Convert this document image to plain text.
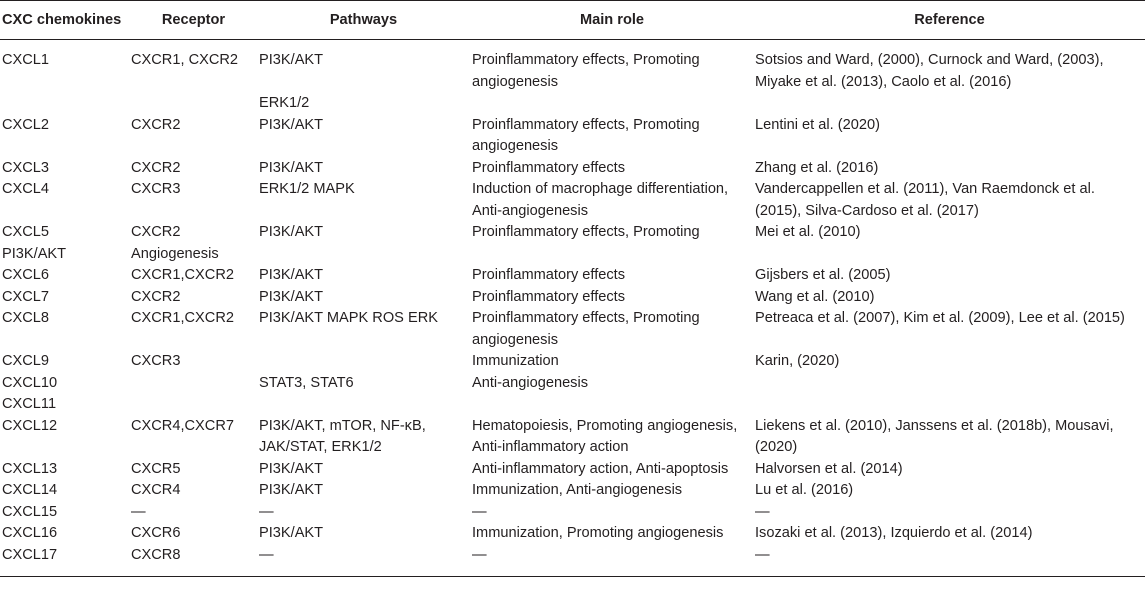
CXC chemokines	Receptor	Pathways	Main role	Reference
CXCL1	CXCR1, CXCR2	PI3K/AKT	Proinflammatory effects, Promoting angiogenesis	Sotsios and Ward, (2000), Curnock and Ward, (2003), Miyake et al. (2013), Caolo et al. (2016)
		ERK1/2		
CXCL2	CXCR2	PI3K/AKT	Proinflammatory effects, Promoting angiogenesis	Lentini et al. (2020)
CXCL3	CXCR2	PI3K/AKT	Proinflammatory effects	Zhang et al. (2016)
CXCL4	CXCR3	ERK1/2 MAPK	Induction of macrophage differentiation, Anti-angiogenesis	Vandercappellen et al. (2011), Van Raemdonck et al. (2015), Silva-Cardoso et al. (2017)
CXCL5	CXCR2	PI3K/AKT	Proinflammatory effects, Promoting	Mei et al. (2010)
PI3K/AKT	Angiogenesis			
CXCL6	CXCR1,CXCR2	PI3K/AKT	Proinflammatory effects	Gijsbers et al. (2005)
CXCL7	CXCR2	PI3K/AKT	Proinflammatory effects	Wang et al. (2010)
CXCL8	CXCR1,CXCR2	PI3K/AKT MAPK ROS ERK	Proinflammatory effects, Promoting angiogenesis	Petreaca et al. (2007), Kim et al. (2009), Lee et al. (2015)
CXCL9	CXCR3		Immunization	Karin, (2020)
CXCL10		STAT3, STAT6	Anti-angiogenesis	
CXCL11				
CXCL12	CXCR4,CXCR7	PI3K/AKT, mTOR, NF-κB, JAK/STAT, ERK1/2	Hematopoiesis, Promoting angiogenesis, Anti-inflammatory action	Liekens et al. (2010), Janssens et al. (2018b), Mousavi, (2020)
CXCL13	CXCR5	PI3K/AKT	Anti-inflammatory action, Anti-apoptosis	Halvorsen et al. (2014)
CXCL14	CXCR4	PI3K/AKT	Immunization, Anti-angiogenesis	Lu et al. (2016)
CXCL15	—	—	—	—
CXCL16	CXCR6	PI3K/AKT	Immunization, Promoting angiogenesis	Isozaki et al. (2013), Izquierdo et al. (2014)
CXCL17	CXCR8	—	—	—
